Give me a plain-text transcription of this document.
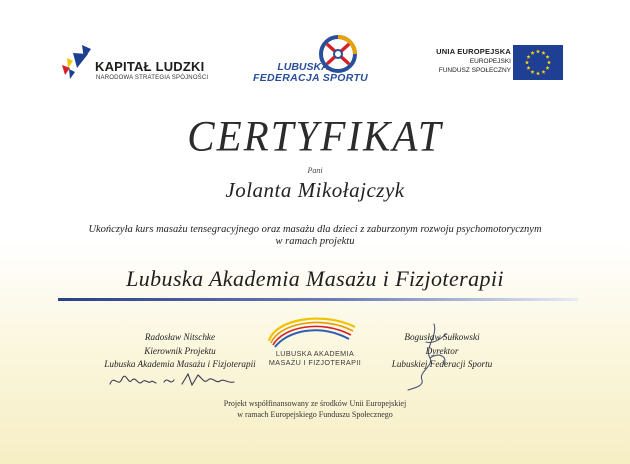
KAPITAŁ LUDZKI
NARODOWA STRATEGIA SPÓJNOŚCI
LUBUSKA
FEDERACJA SPORTU
UNIA EUROPEJSKA
EUROPEJSKI
FUNDUSZ SPOŁECZNY
CERTYFIKAT
Pani
Jolanta Mikołajczyk
Ukończyła kurs masażu tensegracyjnego oraz masażu dla dzieci z zaburzonym rozwoju psychomotorycznym
w ramach projektu
Lubuska Akademia Masażu i Fizjoterapii
Radosław Nitschke
Kierownik Projektu
Lubuska Akademia Masażu i Fizjoterapii
LUBUSKA AKADEMIA
MASAŻU I FIZJOTERAPII
Bogusław Sułkowski
Dyrektor
Lubuskiej Federacji Sportu
Projekt współfinansowany ze środków Unii Europejskiej
w ramach Europejskiego Funduszu Społecznego
